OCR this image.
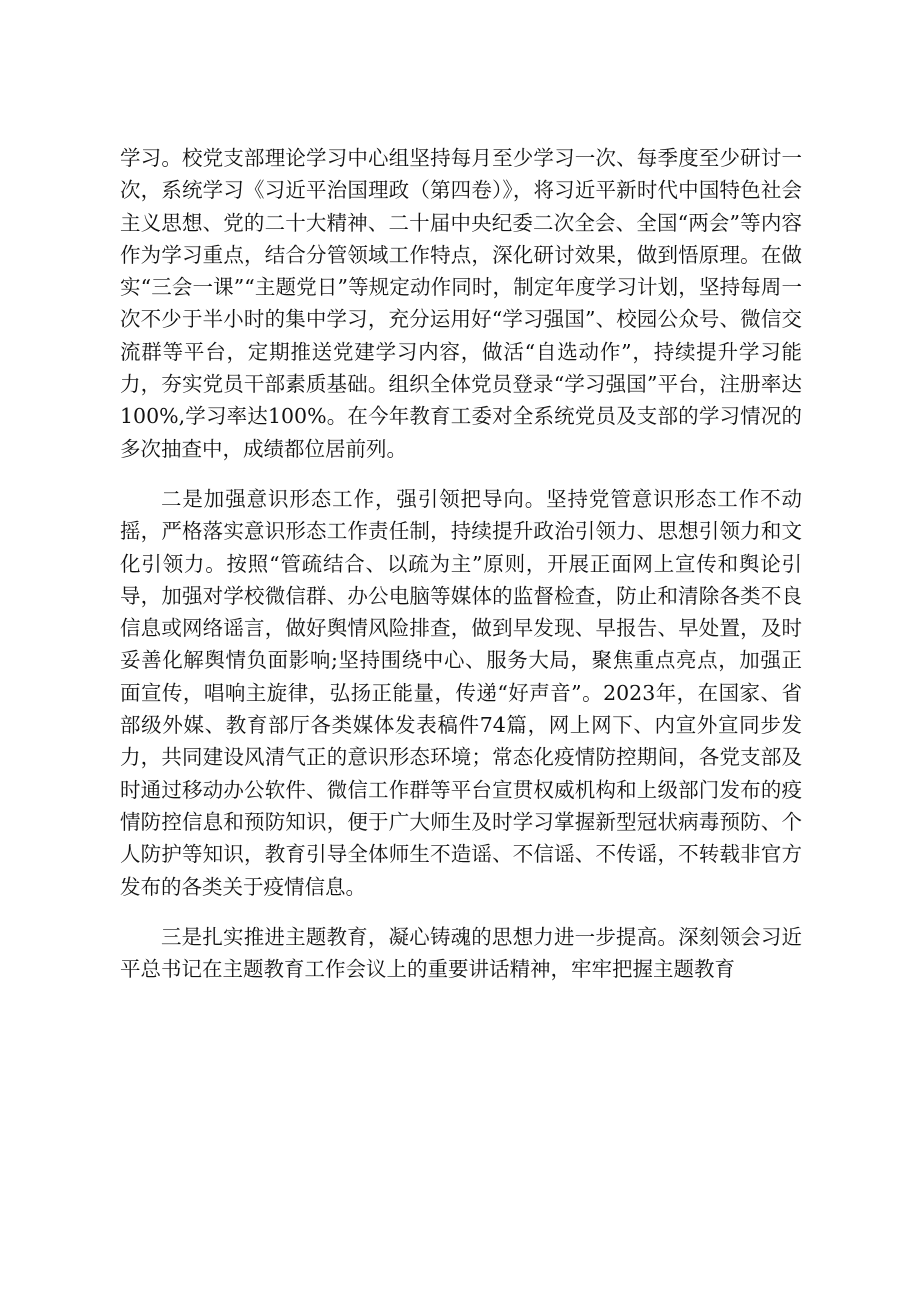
学习。校党支部理论学习中心组坚持每月至少学习一次、每季度至少研讨一次，系统学习《习近平治国理政（第四卷）》，将习近平新时代中国特色社会主义思想、党的二十大精神、二十届中央纪委二次全会、全国“两会”等内容作为学习重点，结合分管领域工作特点，深化研讨效果，做到悟原理。在做实“三会一课”“主题党日”等规定动作同时，制定年度学习计划，坚持每周一次不少于半小时的集中学习，充分运用好“学习强国”、校园公众号、微信交流群等平台，定期推送党建学习内容，做活“自选动作”，持续提升学习能力，夯实党员干部素质基础。组织全体党员登录“学习强国”平台，注册率达100%,学习率达100%。在今年教育工委对全系统党员及支部的学习情况的多次抽查中，成绩都位居前列。

二是加强意识形态工作，强引领把导向。坚持党管意识形态工作不动摇，严格落实意识形态工作责任制，持续提升政治引领力、思想引领力和文化引领力。按照“管疏结合、以疏为主”原则，开展正面网上宣传和舆论引导，加强对学校微信群、办公电脑等媒体的监督检查，防止和清除各类不良信息或网络谣言，做好舆情风险排查，做到早发现、早报告、早处置，及时妥善化解舆情负面影响;坚持围绕中心、服务大局，聚焦重点亮点，加强正面宣传，唱响主旋律，弘扬正能量，传递“好声音”。2023年，在国家、省部级外媒、教育部厅各类媒体发表稿件74篇，网上网下、内宣外宣同步发力，共同建设风清气正的意识形态环境；常态化疫情防控期间，各党支部及时通过移动办公软件、微信工作群等平台宣贯权威机构和上级部门发布的疫情防控信息和预防知识，便于广大师生及时学习掌握新型冠状病毒预防、个人防护等知识，教育引导全体师生不造谣、不信谣、不传谣，不转载非官方发布的各类关于疫情信息。

三是扎实推进主题教育，凝心铸魂的思想力进一步提高。深刻领会习近平总书记在主题教育工作会议上的重要讲话精神，牢牢把握主题教育
